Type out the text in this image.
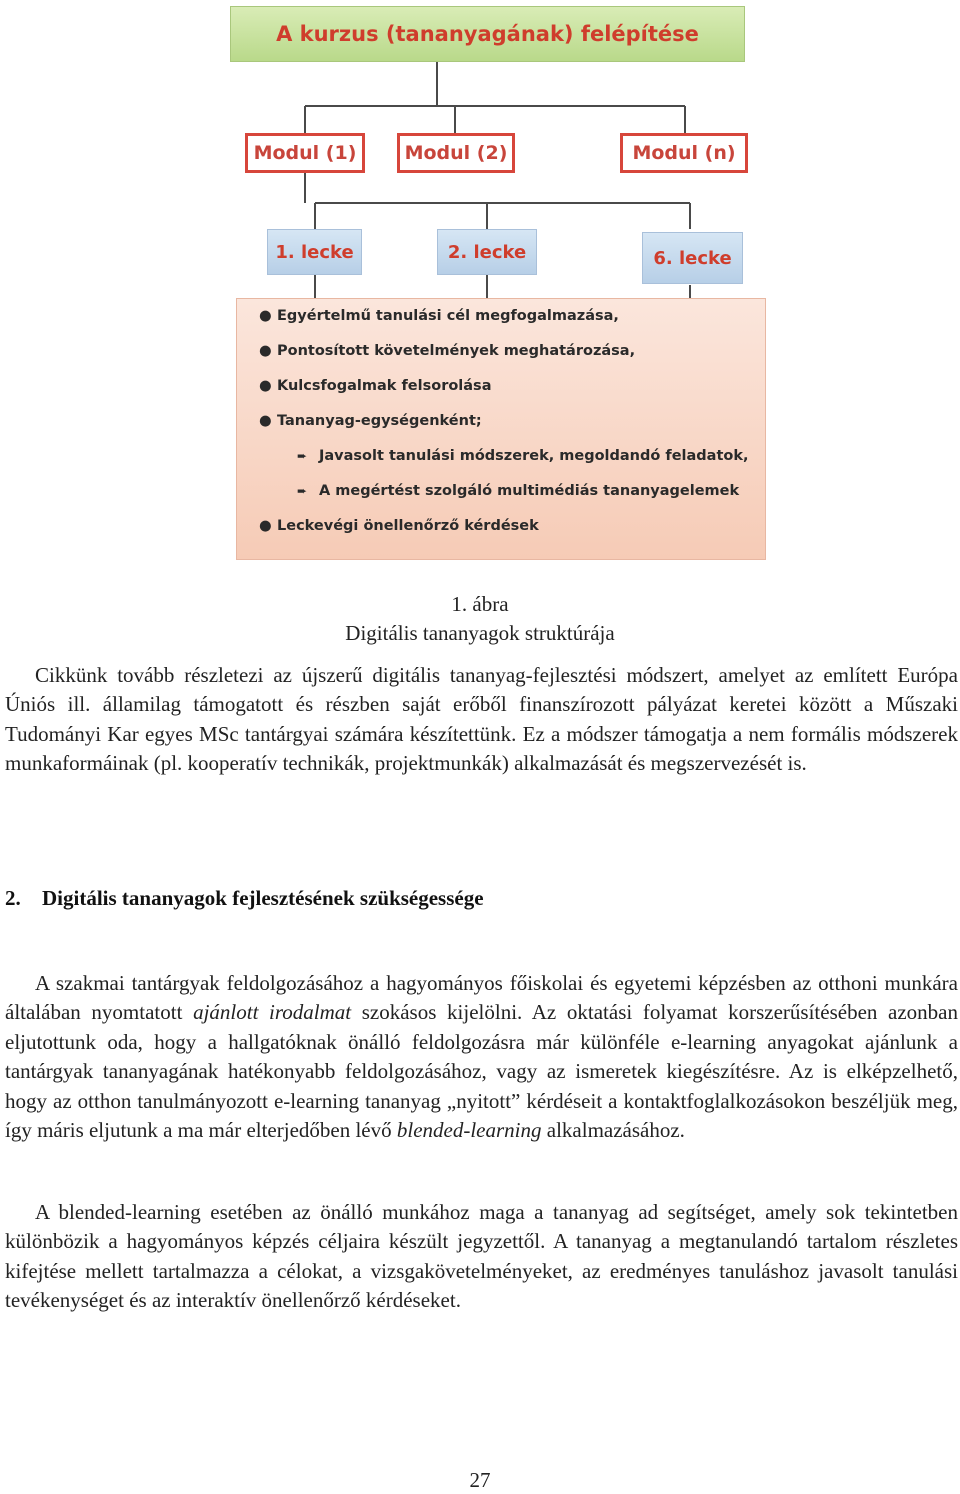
A kurzus (tananyagának) felépítése
Modul (1)	Modul (2)	Modul (n)
1. lecke	2. lecke	6. lecke
● Egyértelmű tanulási cél megfogalmazása,
● Pontosított követelmények meghatározása,
● Kulcsfogalmak felsorolása
● Tananyag-egységenként;
➨ Javasolt tanulási módszerek, megoldandó feladatok,
➨ A megértést szolgáló multimédiás tananyagelemek
● Leckevégi önellenőrző kérdések
1. ábra
Digitális tananyagok struktúrája

Cikkünk tovább részletezi az újszerű digitális tananyag-fejlesztési módszert, amelyet az említett Európa Úniós ill. államilag támogatott és részben saját erőből finanszírozott pályázat keretei között a Műszaki Tudományi Kar egyes MSc tantárgyai számára készítettünk. Ez a módszer támogatja a nem formális módszerek munkaformáinak (pl. kooperatív technikák, projektmunkák) alkalmazását és megszervezését is.

2. Digitális tananyagok fejlesztésének szükségessége

A szakmai tantárgyak feldolgozásához a hagyományos főiskolai és egyetemi képzésben az otthoni munkára általában nyomtatott ajánlott irodalmat szokásos kijelölni. Az oktatási folyamat korszerűsítésében azonban eljutottunk oda, hogy a hallgatóknak önálló feldolgozásra már különféle e-learning anyagokat ajánlunk a tantárgyak tananyagának hatékonyabb feldolgozásához, vagy az ismeretek kiegészítésre. Az is elképzelhető, hogy az otthon tanulmányozott e-learning tananyag „nyitott” kérdéseit a kontaktfoglalkozásokon beszéljük meg, így máris eljutunk a ma már elterjedőben lévő blended-learning alkalmazásához.

A blended-learning esetében az önálló munkához maga a tananyag ad segítséget, amely sok tekintetben különbözik a hagyományos képzés céljaira készült jegyzettől. A tananyag a megtanulandó tartalom részletes kifejtése mellett tartalmazza a célokat, a vizsgakövetelményeket, az eredményes tanuláshoz javasolt tanulási tevékenységet és az interaktív önellenőrző kérdéseket.

27
